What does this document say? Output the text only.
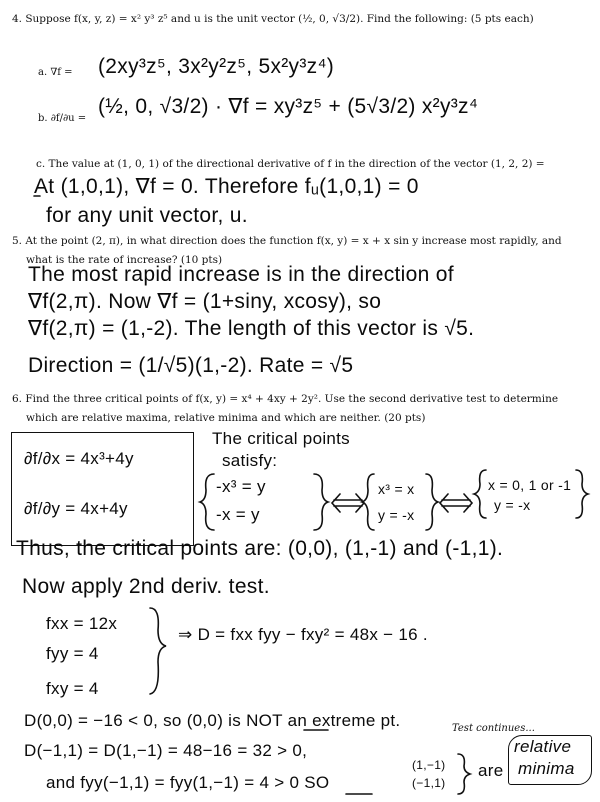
4. Suppose f(x, y, z) = x² y³ z⁵ and u is the unit vector (½, 0, √3/2). Find the following: (5 pts each)
a. ∇f = (2xy³z⁵, 3x²y²z⁵, 5x²y³z⁴)
b. ∂f/∂u =
(½, 0, √3/2) · ∇f = xy³z⁵ + (5√3/2) x²y³z⁴
c. The value at (1, 0, 1) of the directional derivative of f in the direction of the vector (1, 2, 2) =
At (1,0,1), ∇f = 0. Therefore fᵤ(1,0,1) = 0
for any unit vector, u.
5. At the point (2, π), in what direction does the function f(x, y) = x + x sin y increase most rapidly, and
what is the rate of increase? (10 pts)
The most rapid increase is in the direction of
∇f(2,π). Now ∇f = (1+siny, xcosy), so
∇f(2,π) = (1,-2). The length of this vector is √5.
Direction = (1/√5)(1,-2). Rate = √5
6. Find the three critical points of f(x, y) = x⁴ + 4xy + 2y². Use the second derivative test to determine
which are relative maxima, relative minima and which are neither. (20 pts)
∂f/∂x = 4x³+4y
∂f/∂y = 4x+4y
The critical points
satisfy:
-x³ = y
-x = y
x³ = x
y = -x
x = 0, 1 or -1
y = -x
Thus, the critical points are: (0,0), (1,-1) and (-1,1).
Now apply 2nd deriv. test.
fxx = 12x
fyy = 4
fxy = 4
⇒ D = fxx fyy − fxy² = 48x − 16 .
D(0,0) = −16 < 0, so (0,0) is NOT an extreme pt.	Test continues...
D(−1,1) = D(1,−1) = 48−16 = 32 > 0,
and fyy(−1,1) = fyy(1,−1) = 4 > 0 SO
(1,−1)
(−1,1)
are
relative
minima
